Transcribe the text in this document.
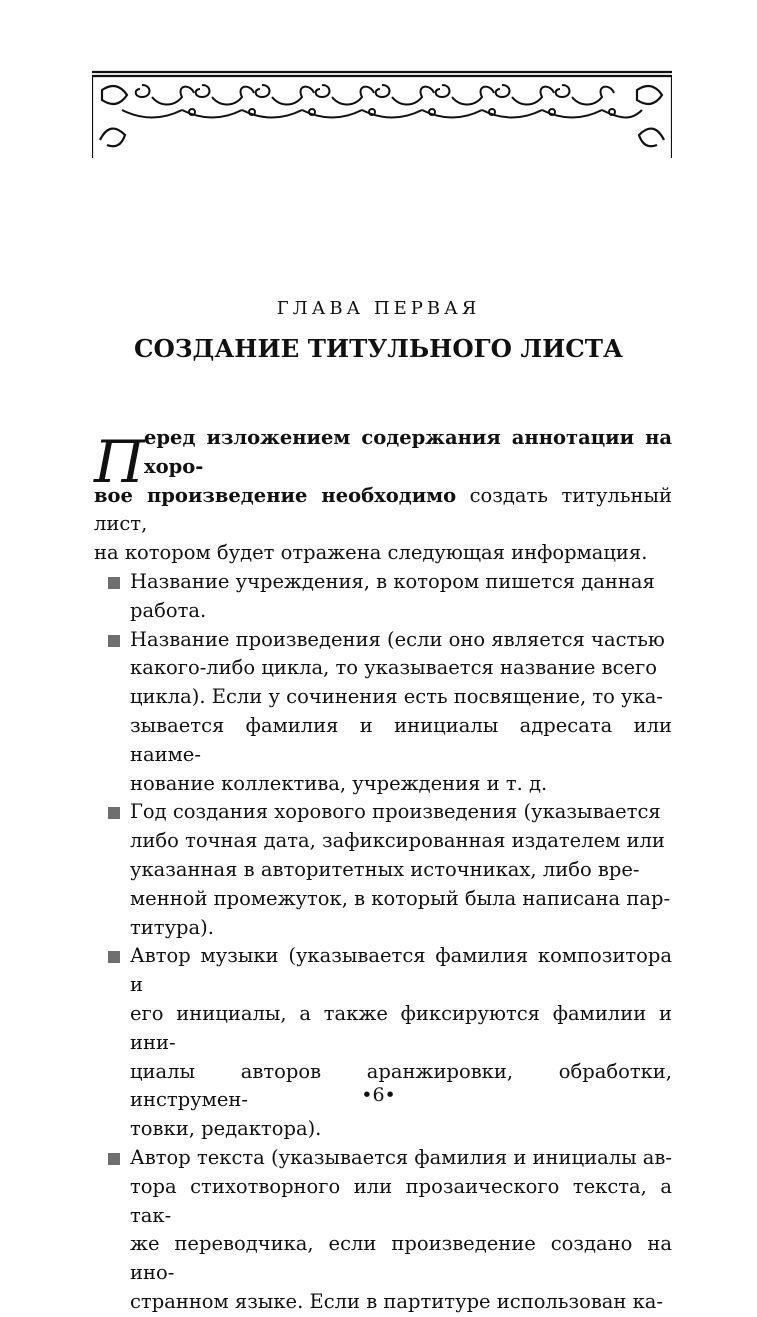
ГЛАВА ПЕРВАЯ
СОЗДАНИЕ ТИТУЛЬНОГО ЛИСТА
П еред изложением содержания аннотации на хоро-
вое произведение необходимо создать титульный лист,
на котором будет отражена следующая информация.
Название учреждения, в котором пишется данная
работа.
Название произведения (если оно является частью
какого-либо цикла, то указывается название всего
цикла). Если у сочинения есть посвящение, то ука-
зывается фамилия и инициалы адресата или наиме-
нование коллектива, учреждения и т. д.
Год создания хорового произведения (указывается
либо точная дата, зафиксированная издателем или
указанная в авторитетных источниках, либо вре-
менной промежуток, в который была написана пар-
титура).
Автор музыки (указывается фамилия композитора и
его инициалы, а также фиксируются фамилии и ини-
циалы авторов аранжировки, обработки, инструмен-
товки, редактора).
Автор текста (указывается фамилия и инициалы ав-
тора стихотворного или прозаического текста, а так-
же переводчика, если произведение создано на ино-
странном языке. Если в партитуре использован ка-
•6•
